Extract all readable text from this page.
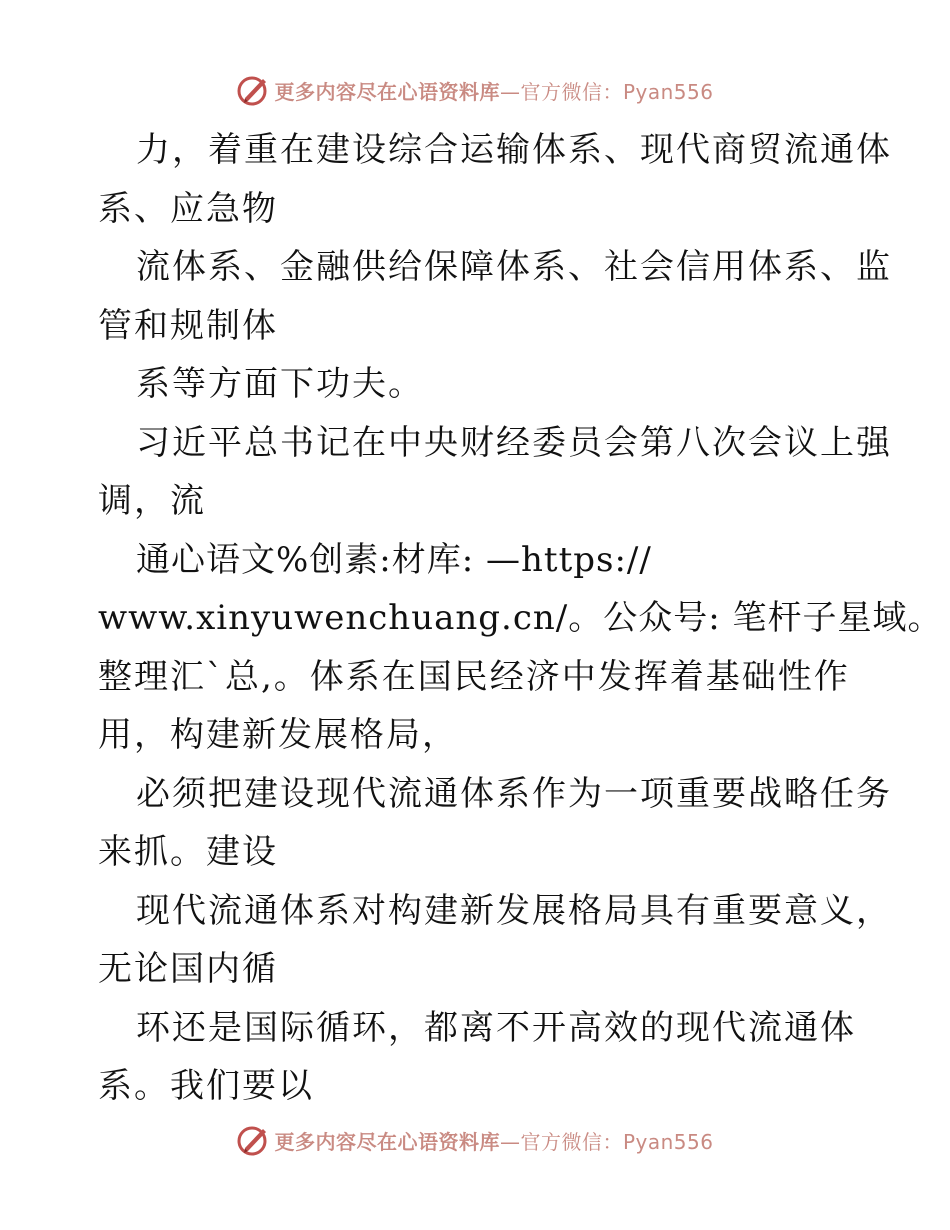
更多内容尽在心语资料库 —官方微信：Pyan556
力，着重在建设综合运输体系、现代商贸流通体
系、应急物
流体系、金融供给保障体系、社会信用体系、监
管和规制体
系等方面下功夫。
习近平总书记在中央财经委员会第八次会议上强
调，流
通心语文%创素:材库: —https://
www.xinyuwenchuang.cn/。公众号: 笔杆子星域。
整理汇`总,。体系在国民经济中发挥着基础性作
用，构建新发展格局，
必须把建设现代流通体系作为一项重要战略任务
来抓。建设
现代流通体系对构建新发展格局具有重要意义，
无论国内循
环还是国际循环，都离不开高效的现代流通体
系。我们要以
更多内容尽在心语资料库 —官方微信：Pyan556
